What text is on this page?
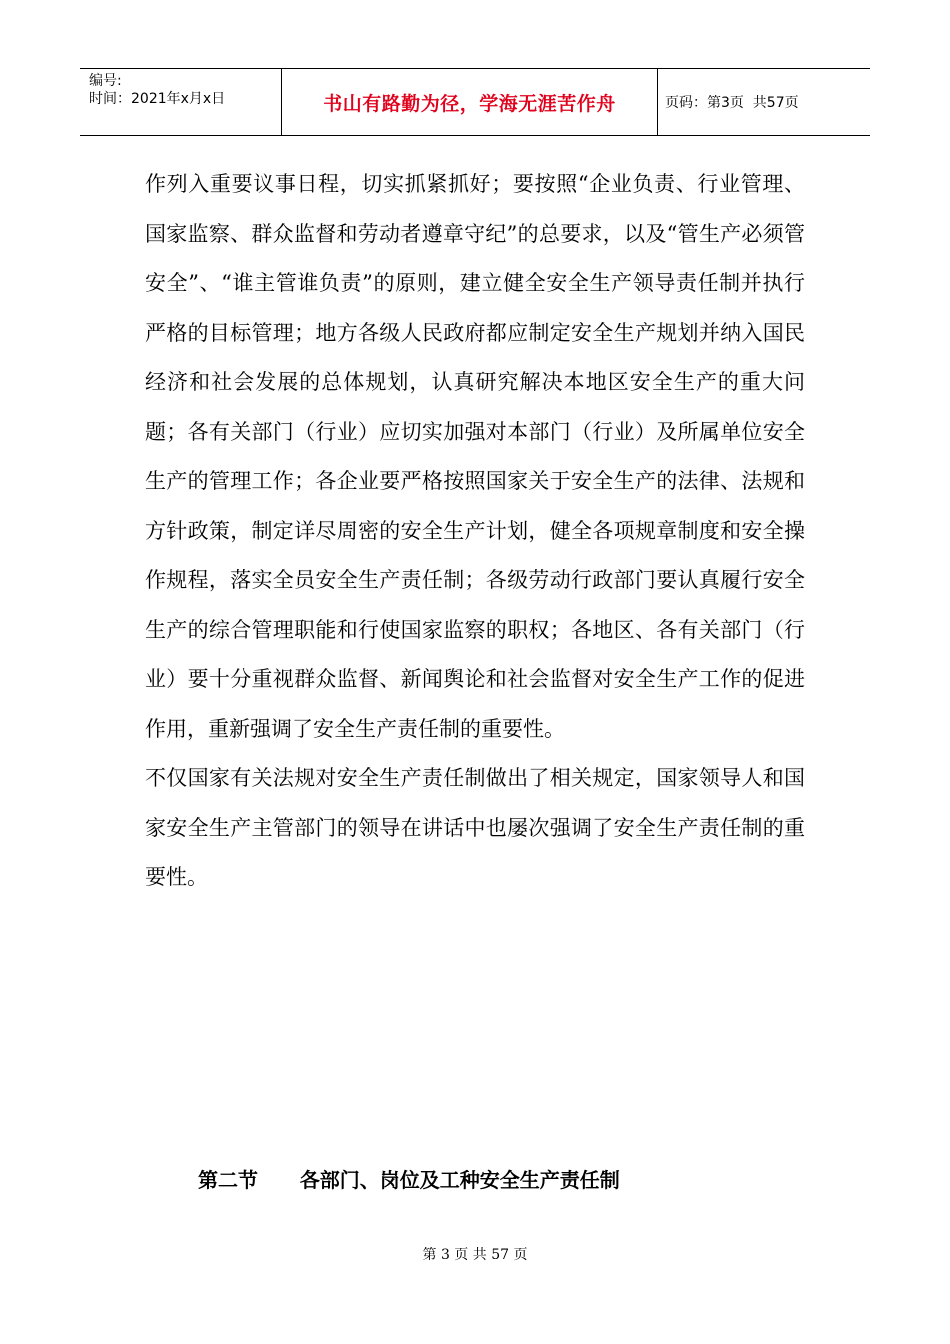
编号:
时间：2021年x月x日	书山有路勤为径，学海无涯苦作舟	页码：第3页  共57页

作列入重要议事日程，切实抓紧抓好；要按照“企业负责、行业管理、国家监察、群众监督和劳动者遵章守纪”的总要求，以及“管生产必须管安全”、“谁主管谁负责”的原则，建立健全安全生产领导责任制并执行严格的目标管理；地方各级人民政府都应制定安全生产规划并纳入国民经济和社会发展的总体规划，认真研究解决本地区安全生产的重大问题；各有关部门（行业）应切实加强对本部门（行业）及所属单位安全生产的管理工作；各企业要严格按照国家关于安全生产的法律、法规和方针政策，制定详尽周密的安全生产计划，健全各项规章制度和安全操作规程，落实全员安全生产责任制；各级劳动行政部门要认真履行安全生产的综合管理职能和行使国家监察的职权；各地区、各有关部门（行业）要十分重视群众监督、新闻舆论和社会监督对安全生产工作的促进作用，重新强调了安全生产责任制的重要性。

不仅国家有关法规对安全生产责任制做出了相关规定，国家领导人和国家安全生产主管部门的领导在讲话中也屡次强调了安全生产责任制的重要性。

第二节      各部门、岗位及工种安全生产责任制
第 3 页 共 57 页
